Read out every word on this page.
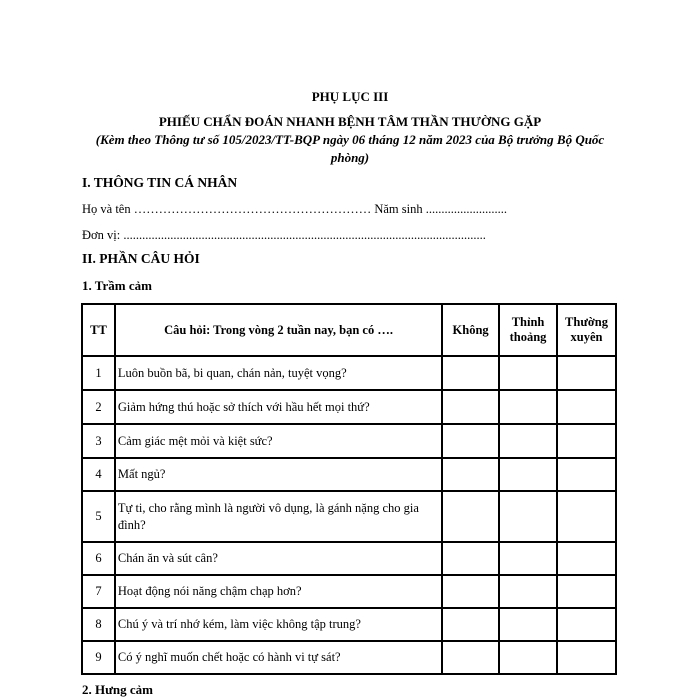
PHỤ LỤC III
PHIẾU CHẨN ĐOÁN NHANH BỆNH TÂM THẦN THƯỜNG GẶP
(Kèm theo Thông tư số 105/2023/TT-BQP ngày 06 tháng 12 năm 2023 của Bộ trưởng Bộ Quốc phòng)
I. THÔNG TIN CÁ NHÂN
Họ và tên ………………………………………………… Năm sinh ..........................
Đơn vị: ....................................................................................................................
II. PHẦN CÂU HỎI
1. Trầm cảm
TT	Câu hỏi: Trong vòng 2 tuần nay, bạn có ….	Không	Thỉnh thoảng	Thường xuyên
1	Luôn buồn bã, bi quan, chán nản, tuyệt vọng?			
2	Giảm hứng thú hoặc sở thích với hầu hết mọi thứ?			
3	Cảm giác mệt mỏi và kiệt sức?			
4	Mất ngủ?			
5	Tự ti, cho rằng mình là người vô dụng, là gánh nặng cho gia đình?			
6	Chán ăn và sút cân?			
7	Hoạt động nói năng chậm chạp hơn?			
8	Chú ý và trí nhớ kém, làm việc không tập trung?			
9	Có ý nghĩ muốn chết hoặc có hành vi tự sát?			
2. Hưng cảm
